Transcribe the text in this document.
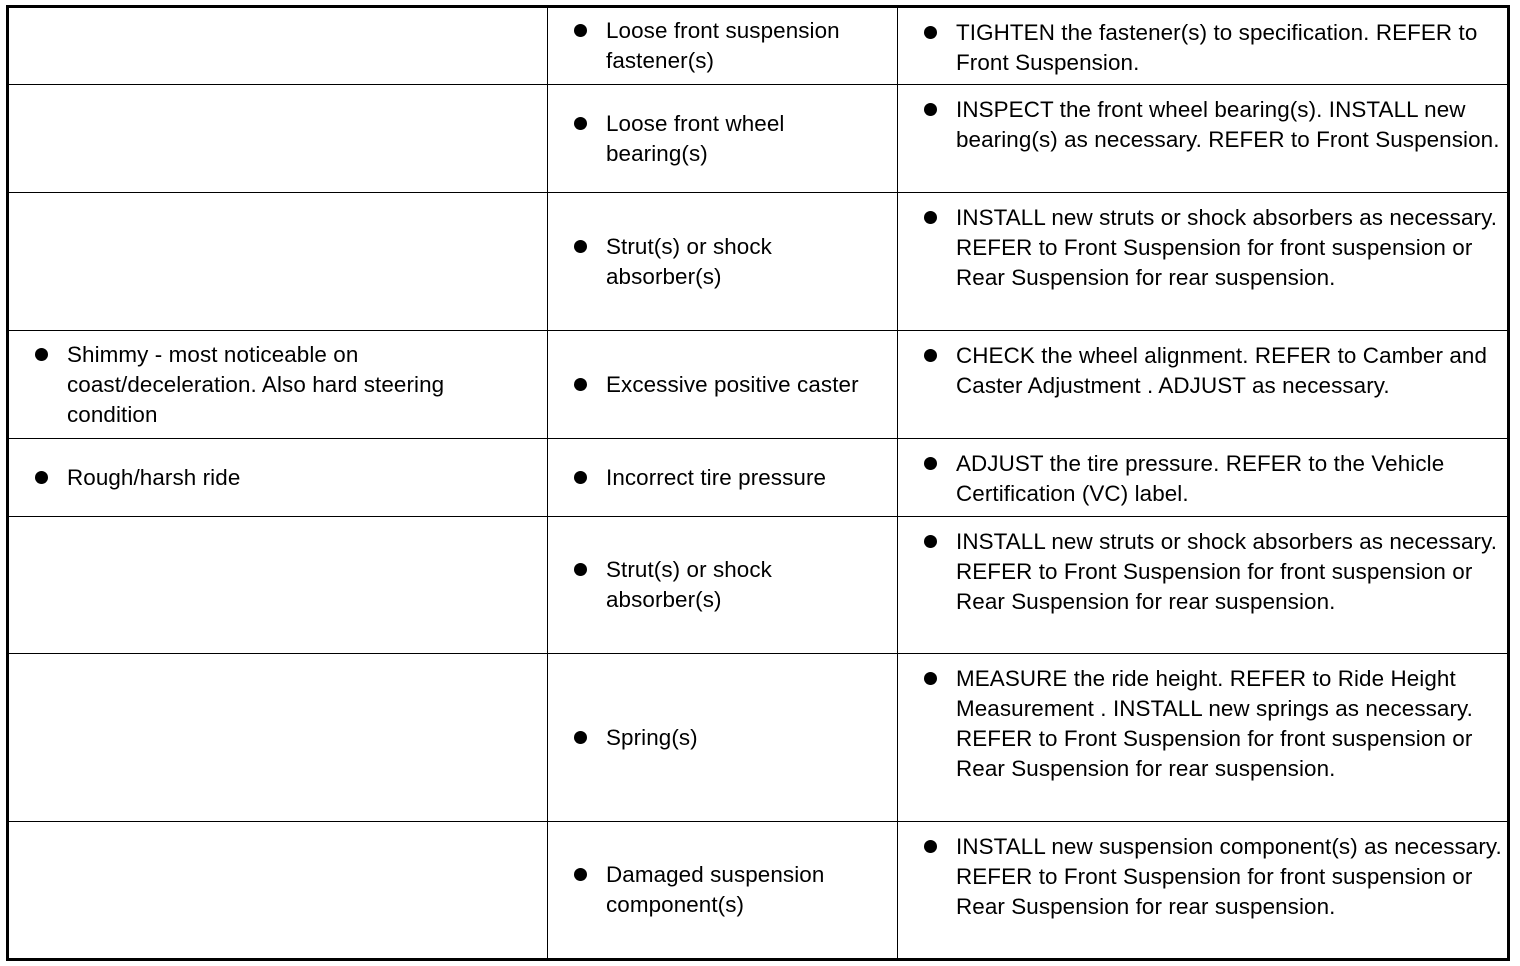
	Loose front suspension fastener(s)	TIGHTEN the fastener(s) to specification. REFER to Front Suspension.

	Loose front wheel bearing(s)	INSPECT the front wheel bearing(s). INSTALL new bearing(s) as necessary. REFER to Front Suspension.

	Strut(s) or shock absorber(s)	INSTALL new struts or shock absorbers as necessary. REFER to Front Suspension for front suspension or Rear Suspension for rear suspension.

Shimmy - most noticeable on coast/deceleration. Also hard steering condition	Excessive positive caster	CHECK the wheel alignment. REFER to Camber and Caster Adjustment . ADJUST as necessary.

Rough/harsh ride	Incorrect tire pressure	ADJUST the tire pressure. REFER to the Vehicle Certification (VC) label.

	Strut(s) or shock absorber(s)	INSTALL new struts or shock absorbers as necessary. REFER to Front Suspension for front suspension or Rear Suspension for rear suspension.

	Spring(s)	MEASURE the ride height. REFER to Ride Height Measurement . INSTALL new springs as necessary. REFER to Front Suspension for front suspension or Rear Suspension for rear suspension.

	Damaged suspension component(s)	INSTALL new suspension component(s) as necessary. REFER to Front Suspension for front suspension or Rear Suspension for rear suspension.
